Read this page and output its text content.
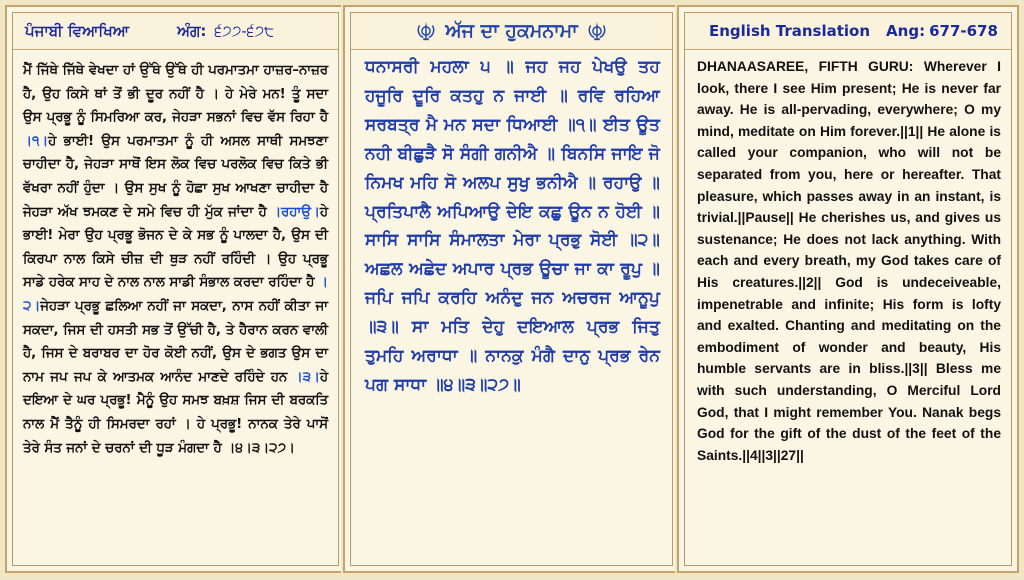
ਪੰਜਾਬੀ ਵਿਆਖਿਆ	ਅੰਗ: ੬੭੭-੬੭੮
ਮੈਂ ਜਿੱਥੇ ਜਿੱਥੇ ਵੇਖਦਾ ਹਾਂ ਉੱਥੇ ਉੱਥੇ ਹੀ ਪਰਮਾਤਮਾ ਹਾਜ਼ਰ–ਨਾਜ਼ਰ ਹੈ, ਉਹ ਕਿਸੇ ਥਾਂ ਤੋਂ ਭੀ ਦੂਰ ਨਹੀਂ ਹੈ । ਹੇ ਮੇਰੇ ਮਨ! ਤੂੰ ਸਦਾ ਉਸ ਪ੍ਰਭੂ ਨੂੰ ਸਿਮਰਿਆ ਕਰ, ਜੇਹੜਾ ਸਭਨਾਂ ਵਿਚ ਵੱਸ ਰਿਹਾ ਹੈ ।੧।ਹੇ ਭਾਈ! ਉਸ ਪਰਮਾਤਮਾ ਨੂੰ ਹੀ ਅਸਲ ਸਾਥੀ ਸਮਝਣਾ ਚਾਹੀਦਾ ਹੈ, ਜੇਹੜਾ ਸਾਥੋਂ ਇਸ ਲੋਕ ਵਿਚ ਪਰਲੋਕ ਵਿਚ ਕਿਤੇ ਭੀ ਵੱਖਰਾ ਨਹੀਂ ਹੁੰਦਾ । ਉਸ ਸੁਖ ਨੂੰ ਹੋਛਾ ਸੁਖ ਆਖਣਾ ਚਾਹੀਦਾ ਹੈ ਜੇਹੜਾ ਅੱਖ ਝਮਕਣ ਦੇ ਸਮੇ ਵਿਚ ਹੀ ਮੁੱਕ ਜਾਂਦਾ ਹੈ ।ਰਹਾਉ।ਹੇ ਭਾਈ! ਮੇਰਾ ਉਹ ਪ੍ਰਭੂ ਭੋਜਨ ਦੇ ਕੇ ਸਭ ਨੂੰ ਪਾਲਦਾ ਹੈ, ਉਸ ਦੀ ਕਿਰਪਾ ਨਾਲ ਕਿਸੇ ਚੀਜ਼ ਦੀ ਥੁੜ ਨਹੀਂ ਰਹਿੰਦੀ । ਉਹ ਪ੍ਰਭੂ ਸਾਡੇ ਹਰੇਕ ਸਾਹ ਦੇ ਨਾਲ ਨਾਲ ਸਾਡੀ ਸੰਭਾਲ ਕਰਦਾ ਰਹਿੰਦਾ ਹੈ ।੨।ਜੇਹੜਾ ਪ੍ਰਭੂ ਛਲਿਆ ਨਹੀਂ ਜਾ ਸਕਦਾ, ਨਾਸ ਨਹੀਂ ਕੀਤਾ ਜਾ ਸਕਦਾ, ਜਿਸ ਦੀ ਹਸਤੀ ਸਭ ਤੋਂ ਉੱਚੀ ਹੈ, ਤੇ ਹੈਰਾਨ ਕਰਨ ਵਾਲੀ ਹੈ, ਜਿਸ ਦੇ ਬਰਾਬਰ ਦਾ ਹੋਰ ਕੋਈ ਨਹੀਂ, ਉਸ ਦੇ ਭਗਤ ਉਸ ਦਾ ਨਾਮ ਜਪ ਜਪ ਕੇ ਆਤਮਕ ਆਨੰਦ ਮਾਣਦੇ ਰਹਿੰਦੇ ਹਨ ।੩।ਹੇ ਦਇਆ ਦੇ ਘਰ ਪ੍ਰਭੂ! ਮੈਨੂੰ ਉਹ ਸਮਝ ਬਖ਼ਸ਼ ਜਿਸ ਦੀ ਬਰਕਤਿ ਨਾਲ ਮੈਂ ਤੈਨੂੰ ਹੀ ਸਿਮਰਦਾ ਰਹਾਂ । ਹੇ ਪ੍ਰਭੂ! ਨਾਨਕ ਤੇਰੇ ਪਾਸੋਂ ਤੇਰੇ ਸੰਤ ਜਨਾਂ ਦੇ ਚਰਨਾਂ ਦੀ ਧੂੜ ਮੰਗਦਾ ਹੈ ।੪।੩।੨੭।
ਅੱਜ ਦਾ ਹੁਕਮਨਾਮਾ
ਧਨਾਸਰੀ ਮਹਲਾ ੫ ॥ ਜਹ ਜਹ ਪੇਖਉ ਤਹ ਹਜੂਰਿ ਦੂਰਿ ਕਤਹੁ ਨ ਜਾਈ ॥ ਰਵਿ ਰਹਿਆ ਸਰਬਤ੍ਰ ਮੈ ਮਨ ਸਦਾ ਧਿਆਈ ॥੧॥ ਈਤ ਊਤ ਨਹੀ ਬੀਛੁੜੈ ਸੋ ਸੰਗੀ ਗਨੀਐ ॥ ਬਿਨਸਿ ਜਾਇ ਜੋ ਨਿਮਖ ਮਹਿ ਸੋ ਅਲਪ ਸੁਖੁ ਭਨੀਐ ॥ ਰਹਾਉ ॥ ਪ੍ਰਤਿਪਾਲੈ ਅਪਿਆਉ ਦੇਇ ਕਛੁ ਊਨ ਨ ਹੋਈ ॥ ਸਾਸਿ ਸਾਸਿ ਸੰਮਾਲਤਾ ਮੇਰਾ ਪ੍ਰਭੁ ਸੋਈ ॥੨॥ ਅਛਲ ਅਛੇਦ ਅਪਾਰ ਪ੍ਰਭ ਊਚਾ ਜਾ ਕਾ ਰੂਪੁ ॥ ਜਪਿ ਜਪਿ ਕਰਹਿ ਅਨੰਦੁ ਜਨ ਅਚਰਜ ਆਨੂਪੁ ॥੩॥ ਸਾ ਮਤਿ ਦੇਹੁ ਦਇਆਲ ਪ੍ਰਭ ਜਿਤੁ ਤੁਮਹਿ ਅਰਾਧਾ ॥ ਨਾਨਕੁ ਮੰਗੈ ਦਾਨੁ ਪ੍ਰਭ ਰੇਨ ਪਗ ਸਾਧਾ ॥੪॥੩॥੨੭॥
English Translation Ang: 677-678
DHANAASAREE, FIFTH GURU: Wherever I look, there I see Him present; He is never far away. He is all-pervading, everywhere; O my mind, meditate on Him forever.||1|| He alone is called your companion, who will not be separated from you, here or hereafter. That pleasure, which passes away in an instant, is trivial.||Pause|| He cherishes us, and gives us sustenance; He does not lack anything. With each and every breath, my God takes care of His creatures.||2|| God is undeceiveable, impenetrable and infinite; His form is lofty and exalted. Chanting and meditating on the embodiment of wonder and beauty, His humble servants are in bliss.||3|| Bless me with such understanding, O Merciful Lord God, that I might remember You. Nanak begs God for the gift of the dust of the feet of the Saints.||4||3||27||
